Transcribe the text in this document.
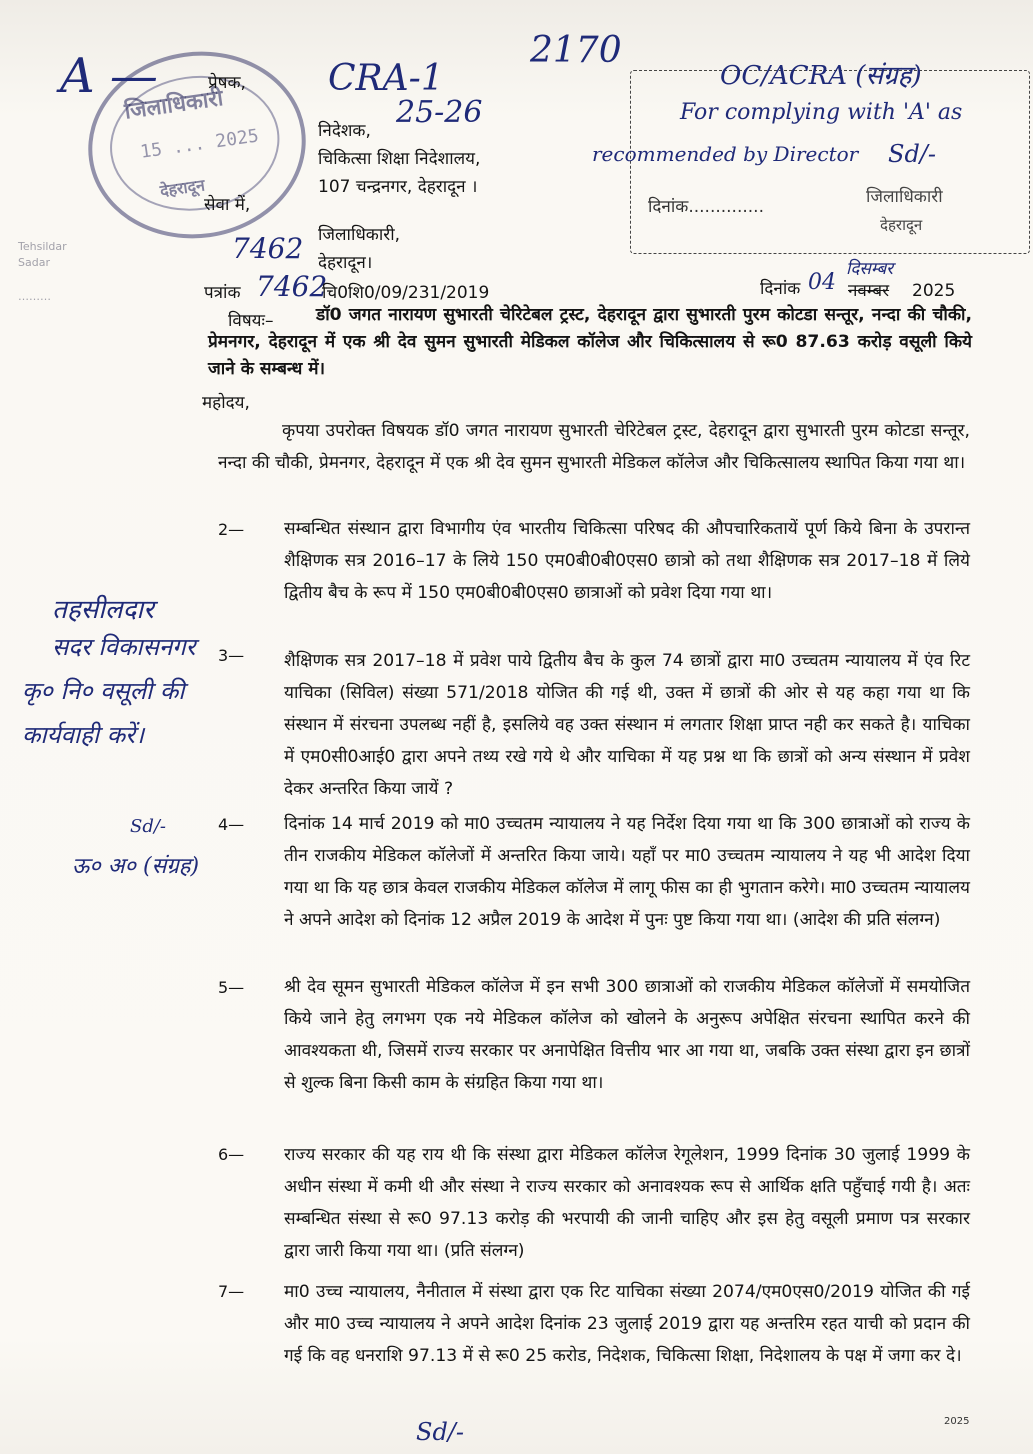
जिलाधिकारी
15 ... 2025
देहरादून
Tehsildar
Sadar
………
A —	CRA-1
25-26
2170
OC/ACRA (संग्रह)
For complying with 'A' as
recommended by Director Sd/-
दिनांक..............	जिलाधिकारी
देहरादून
प्रेषक,
निदेशक,
चिकित्सा शिक्षा निदेशालय,
107 चन्द्रनगर, देहरादून ।
सेवा में,
जिलाधिकारी,
देहरादून।
7462
पत्रांक 7462
चि0शि0/09/231/2019	दिनांक 04 नवम्बर
दिसम्बर
2025
विषयः–	डॉ0 जगत नारायण सुभारती चेरिटेबल ट्रस्ट, देहरादून द्वारा सुभारती पुरम कोटडा सन्तूर, नन्दा की चौकी, प्रेमनगर, देहरादून में एक श्री देव सुमन सुभारती मेडिकल कॉलेज और चिकित्सालय से रू0 87.63 करोड़ वसूली किये जाने के सम्बन्ध में।
महोदय,
कृपया उपरोक्त विषयक डॉ0 जगत नारायण सुभारती चेरिटेबल ट्रस्ट, देहरादून द्वारा सुभारती पुरम कोटडा सन्तूर, नन्दा की चौकी, प्रेमनगर, देहरादून में एक श्री देव सुमन सुभारती मेडिकल कॉलेज और चिकित्सालय स्थापित किया गया था।
2— सम्बन्धित संस्थान द्वारा विभागीय एंव भारतीय चिकित्सा परिषद की औपचारिकतायें पूर्ण किये बिना के उपरान्त शैक्षिणक सत्र 2016–17 के लिये 150 एम0बी0बी0एस0 छात्रो को तथा शैक्षिणक सत्र 2017–18 में लिये द्वितीय बैच के रूप में 150 एम0बी0बी0एस0 छात्राओं को प्रवेश दिया गया था।
3— शैक्षिणक सत्र 2017–18 में प्रवेश पाये द्वितीय बैच के कुल 74 छात्रों द्वारा मा0 उच्चतम न्यायालय में एंव रिट याचिका (सिविल) संख्या 571/2018 योजित की गई थी, उक्त में छात्रों की ओर से यह कहा गया था कि संस्थान में संरचना उपलब्ध नहीं है, इसलिये वह उक्त संस्थान मं लगतार शिक्षा प्राप्त नही कर सकते है। याचिका में एम0सी0आई0 द्वारा अपने तथ्य रखे गये थे और याचिका में यह प्रश्न था कि छात्रों को अन्य संस्थान में प्रवेश देकर अन्तरित किया जायें ?
4— दिनांक 14 मार्च 2019 को मा0 उच्चतम न्यायालय ने यह निर्देश दिया गया था कि 300 छात्राओं को राज्य के तीन राजकीय मेडिकल कॉलेजों में अन्तरित किया जाये। यहाँ पर मा0 उच्चतम न्यायालय ने यह भी आदेश दिया गया था कि यह छात्र केवल राजकीय मेडिकल कॉलेज में लागू फीस का ही भुगतान करेगे। मा0 उच्चतम न्यायालय ने अपने आदेश को दिनांक 12 अप्रैल 2019 के आदेश में पुनः पुष्ट किया गया था। (आदेश की प्रति संलग्न)
5— श्री देव सूमन सुभारती मेडिकल कॉलेज में इन सभी 300 छात्राओं को राजकीय मेडिकल कॉलेजों में समयोजित किये जाने हेतु लगभग एक नये मेडिकल कॉलेज को खोलने के अनुरूप अपेक्षित संरचना स्थापित करने की आवश्यकता थी, जिसमें राज्य सरकार पर अनापेक्षित वित्तीय भार आ गया था, जबकि उक्त संस्था द्वारा इन छात्रों से शुल्क बिना किसी काम के संग्रहित किया गया था।
6— राज्य सरकार की यह राय थी कि संस्था द्वारा मेडिकल कॉलेज रेगूलेशन, 1999 दिनांक 30 जुलाई 1999 के अधीन संस्था में कमी थी और संस्था ने राज्य सरकार को अनावश्यक रूप से आर्थिक क्षति पहुँचाई गयी है। अतः सम्बन्धित संस्था से रू0 97.13 करोड़ की भरपायी की जानी चाहिए और इस हेतु वसूली प्रमाण पत्र सरकार द्वारा जारी किया गया था। (प्रति संलग्न)
7— मा0 उच्च न्यायालय, नैनीताल में संस्था द्वारा एक रिट याचिका संख्या 2074/एम0एस0/2019 योजित की गई और मा0 उच्च न्यायालय ने अपने आदेश दिनांक 23 जुलाई 2019 द्वारा यह अन्तरिम रहत याची को प्रदान की गई कि वह धनराशि 97.13 में से रू0 25 करोड, निदेशक, चिकित्सा शिक्षा, निदेशालय के पक्ष में जगा कर दे।
तहसीलदार
सदर विकासनगर
कृ० नि० वसूली की
कार्यवाही करें।
Sd/-
ऊ० अ० (संग्रह)
Sd/-	2025
